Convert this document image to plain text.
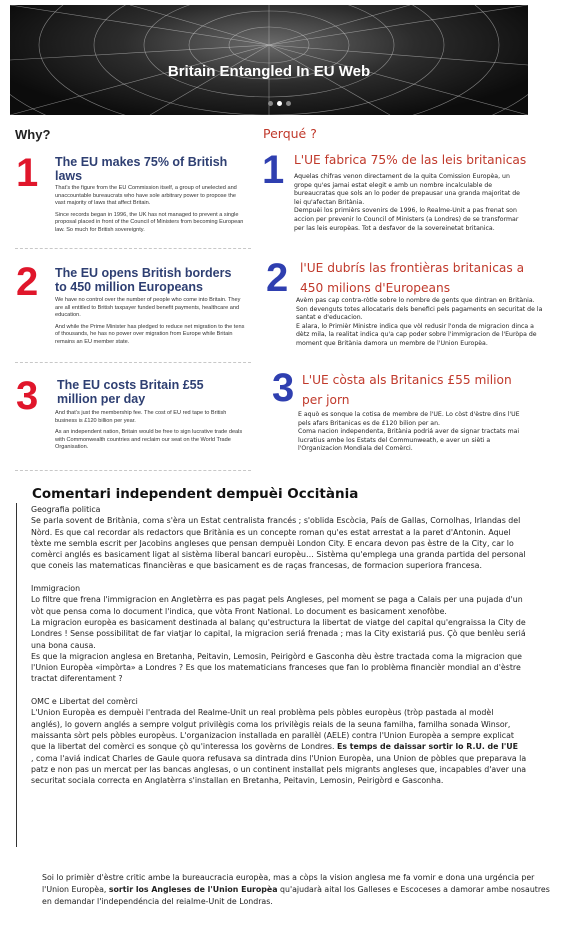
Britain Entangled In EU Web
Why?
1 The EU makes 75% of British laws

That’s the figure from the EU Commission itself, a group of unelected and unaccountable bureaucrats who have sole arbitrary power to propose the vast majority of laws that affect Britain.

Since records began in 1996, the UK has not managed to prevent a single proposal placed in front of the Council of Ministers from becoming European law. So much for British sovereignty.

2 The EU opens British borders to 450 million Europeans

We have no control over the number of people who come into Britain. They are all entitled to British taxpayer funded benefit payments, healthcare and education.

And while the Prime Minister has pledged to reduce net migration to the tens of thousands, he has no power over migration from Europe while Britain remains an EU member state.

3 The EU costs Britain £55 million per day

And that’s just the membership fee. The cost of EU red tape to British business is £120 billion per year.

As an independent nation, Britain would be free to sign lucrative trade deals with Commonwealth countries and reclaim our seat on the World Trade Organisation.

Perqué ?
1 L'UE fabrica 75% de las leis britanicas
Aquelas chifras venon directament de la quita Comission Europèa, un
grope qu'es jamai estat elegit e amb un nombre incalculable de
bureaucratas que sols an lo poder de prepausar una granda majoritat de
lei qu'afectan Britània.
Dempuèi los primièrs sovenirs de 1996, lo Realme-Unit a pas frenat son
accion per prevenir lo Council of Ministers (a Londres) de se transformar
per las leis europèas. Tot a desfavor de la sovereinetat britanica.
2 l'UE dubrís las frontièras britanicas a 450 milions d'Europeans
Avèm pas cap contra-ròtle sobre lo nombre de gents que dintran en Britània.
Son devenguts totes allocataris dels benefici pels pagaments en securitat de la
santat e d'educacion.
E alara, lo Primièr Ministre indica que vòl redusir l'onda de migracion dinca a
dètz mila, la realitat indica qu'a cap poder sobre l'immigracion de l'Euròpa de
moment que Britània damora un membre de l'Union Europèa.
3 L'UE còsta als Britanics £55 milion per jorn
E aquò es sonque la cotisa de membre de l'UE. Lo còst d'èstre dins l'UE
pels afars Britanicas es de £120 bilion per an.
Coma nacion independenta, Britània podriá aver de signar tractats mai
lucratius ambe los Estats del Communweath, e aver un sièti a
l'Organizacion Mondiala del Comèrci.
Comentari independent dempuèi Occitània

Geografia politica

Se parla sovent de Britània, coma s'èra un Estat centralista francés ; s'oblida Escòcia, País de Gallas, Cornolhas, Irlandas del

Nòrd. Es que cal recordar als redactors que Britània es un concepte roman qu'es estat arrestat a la paret d'Antonin. Aquel

tèxte me sembla escrit per Jacobins angleses que pensan dempuèi London City. E encara devon pas èstre de la City, car lo

comèrci anglés es basicament ligat al sistèma liberal bancari europèu… Sistèma qu'emplega una granda partida del personal

que coneis las matematicas financièras e que basicament es de raças francesas, de formacion superiora francesa.

Immigracion

Lo filtre que frena l'immigracion en Angletèrra es pas pagat pels Angleses, pel moment se paga a Calais per una pujada d'un

vòt que pensa coma lo document l'indica, que vòta Front National. Lo document es basicament xenofòbe.

La migracion europèa es basicament destinada al balanç qu'estructura la libertat de viatge del capital qu'engraissa la City de

Londres ! Sense possibilitat de far viatjar lo capital, la migracion seriá frenada ; mas la City existariá pus. Çò que benlèu seriá

una bona causa.

Es que la migracion anglesa en Bretanha, Peitavin, Lemosin, Peirigòrd e Gasconha dèu èstre tractada coma la migracion que

l'Union Europèa «impòrta» a Londres ? Es que los matematicians franceses que fan lo problèma financièr mondial an d'èstre

tractat diferentament ?

OMC e Libertat del comèrci

L'Union Europèa es dempuèi l'entrada del Realme-Unit un real problèma pels pòbles europèus (tròp pastada al modèl

anglés), lo govern anglés a sempre volgut privilègis coma los privilègis reials de la seuna familha, familha sonada Winsor,

maissanta sòrt pels pòbles europèus. L'organizacion installada en parallèl (AELE) contra l'Union Europèa a sempre explicat

que la libertat del comèrci es sonque çò qu'interessa los govèrns de Londres. Es temps de daissar sortir lo R.U. de l'UE

, coma l'aviá indicat Charles de Gaule quora refusava sa dintrada dins l'Union Europèa, una Union de pòbles que preparava la

patz e non pas un mercat per las bancas anglesas, o un continent installat pels migrants angleses que, incapables d'aver una

securitat sociala correcta en Anglatèrra s'installan en Bretanha, Peitavin, Lemosin, Peirigòrd e Gasconha.

Soi lo primièr d'èstre critic ambe la bureaucracia europèa, mas a còps la vision anglesa me fa vomir e dona una urgéncia per l'Union Europèa, sortir los Angleses de l'Union Europèa qu'ajudarà aital los Galleses e Escoceses a damorar ambe nosautres en demandar l'independéncia del reialme-Unit de Londras.
